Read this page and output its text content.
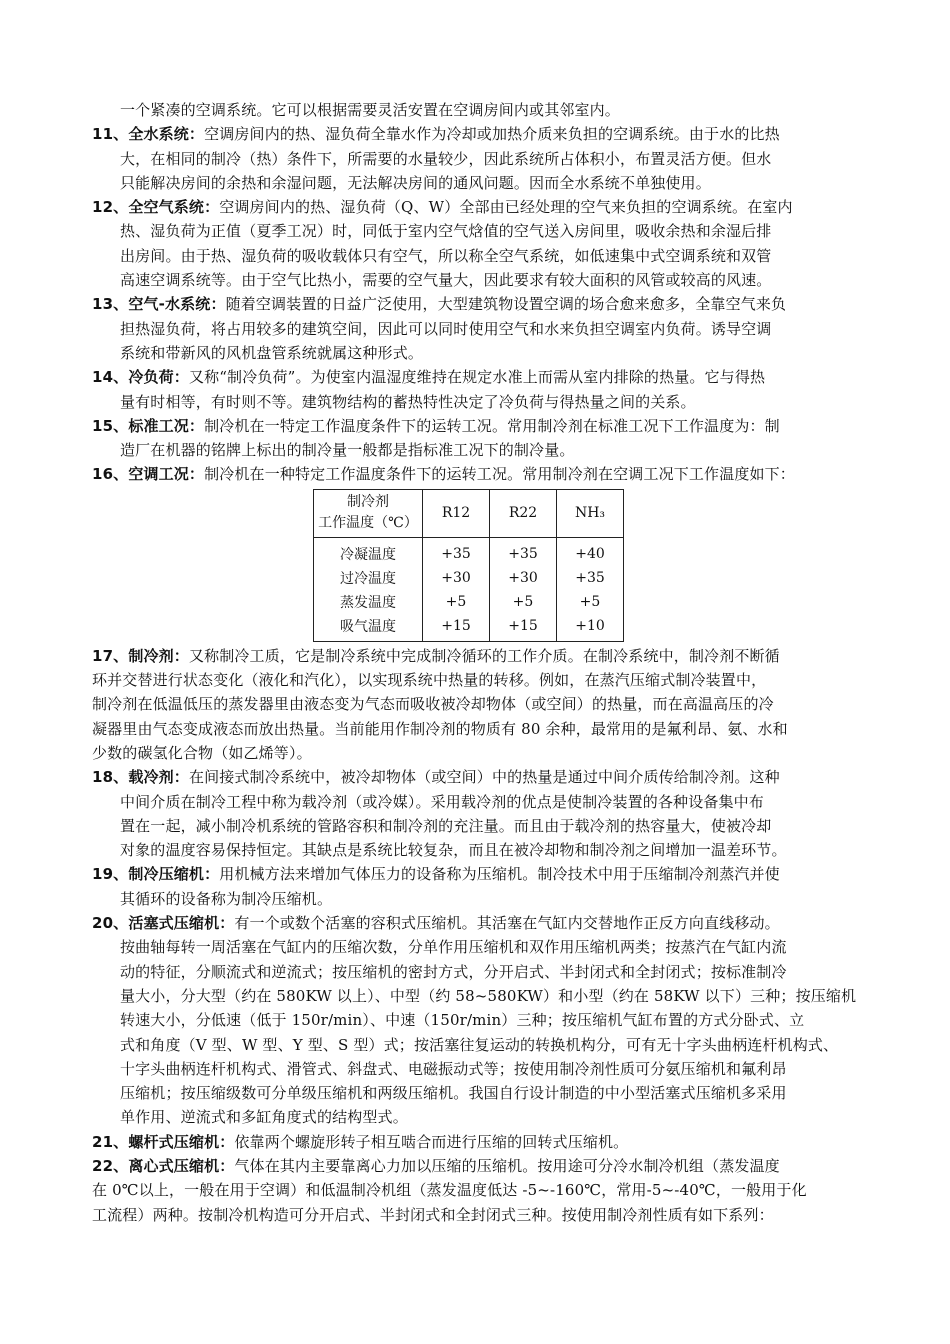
一个紧凑的空调系统。它可以根据需要灵活安置在空调房间内或其邻室内。
11、全水系统：空调房间内的热、湿负荷全靠水作为冷却或加热介质来负担的空调系统。由于水的比热
大，在相同的制冷（热）条件下，所需要的水量较少，因此系统所占体积小，布置灵活方便。但水
只能解决房间的余热和余湿问题，无法解决房间的通风问题。因而全水系统不单独使用。
12、全空气系统：空调房间内的热、湿负荷（Q、W）全部由已经处理的空气来负担的空调系统。在室内
热、湿负荷为正值（夏季工况）时，同低于室内空气焓值的空气送入房间里，吸收余热和余湿后排
出房间。由于热、湿负荷的吸收载体只有空气，所以称全空气系统，如低速集中式空调系统和双管
高速空调系统等。由于空气比热小，需要的空气量大，因此要求有较大面积的风管或较高的风速。
13、空气-水系统：随着空调装置的日益广泛使用，大型建筑物设置空调的场合愈来愈多，全靠空气来负
担热湿负荷，将占用较多的建筑空间，因此可以同时使用空气和水来负担空调室内负荷。诱导空调
系统和带新风的风机盘管系统就属这种形式。
14、冷负荷：又称“制冷负荷”。为使室内温湿度维持在规定水准上而需从室内排除的热量。它与得热
量有时相等，有时则不等。建筑物结构的蓄热特性决定了冷负荷与得热量之间的关系。
15、标准工况：制冷机在一特定工作温度条件下的运转工况。常用制冷剂在标准工况下工作温度为：制
造厂在机器的铭牌上标出的制冷量一般都是指标准工况下的制冷量。
16、空调工况：制冷机在一种特定工作温度条件下的运转工况。常用制冷剂在空调工况下工作温度如下：
制冷剂
工作温度（℃）	R12	R22	NH₃
冷凝温度	+35	+35	+40
过冷温度	+30	+30	+35
蒸发温度	+5	+5	+5
吸气温度	+15	+15	+10
17、制冷剂：又称制冷工质，它是制冷系统中完成制冷循环的工作介质。在制冷系统中，制冷剂不断循
环并交替进行状态变化（液化和汽化），以实现系统中热量的转移。例如，在蒸汽压缩式制冷装置中，
制冷剂在低温低压的蒸发器里由液态变为气态而吸收被冷却物体（或空间）的热量，而在高温高压的冷
凝器里由气态变成液态而放出热量。当前能用作制冷剂的物质有 80 余种，最常用的是氟利昂、氨、水和
少数的碳氢化合物（如乙烯等）。
18、载冷剂：在间接式制冷系统中，被冷却物体（或空间）中的热量是通过中间介质传给制冷剂。这种
中间介质在制冷工程中称为载冷剂（或冷媒）。采用载冷剂的优点是使制冷装置的各种设备集中布
置在一起，减小制冷机系统的管路容积和制冷剂的充注量。而且由于载冷剂的热容量大，使被冷却
对象的温度容易保持恒定。其缺点是系统比较复杂，而且在被冷却物和制冷剂之间增加一温差环节。
19、制冷压缩机：用机械方法来增加气体压力的设备称为压缩机。制冷技术中用于压缩制冷剂蒸汽并使
其循环的设备称为制冷压缩机。
20、活塞式压缩机：有一个或数个活塞的容积式压缩机。其活塞在气缸内交替地作正反方向直线移动。
按曲轴每转一周活塞在气缸内的压缩次数，分单作用压缩机和双作用压缩机两类；按蒸汽在气缸内流
动的特征，分顺流式和逆流式；按压缩机的密封方式，分开启式、半封闭式和全封闭式；按标准制冷
量大小，分大型（约在 580KW 以上）、中型（约 58~580KW）和小型（约在 58KW 以下）三种；按压缩机
转速大小，分低速（低于 150r/min）、中速（150r/min）三种；按压缩机气缸布置的方式分卧式、立
式和角度（V 型、W 型、Y 型、S 型）式；按活塞往复运动的转换机构分，可有无十字头曲柄连杆机构式、
十字头曲柄连杆机构式、滑管式、斜盘式、电磁振动式等；按使用制冷剂性质可分氨压缩机和氟利昂
压缩机；按压缩级数可分单级压缩机和两级压缩机。我国自行设计制造的中小型活塞式压缩机多采用
单作用、逆流式和多缸角度式的结构型式。
21、螺杆式压缩机：依靠两个螺旋形转子相互啮合而进行压缩的回转式压缩机。
22、离心式压缩机：气体在其内主要靠离心力加以压缩的压缩机。按用途可分冷水制冷机组（蒸发温度
在 0℃以上，一般在用于空调）和低温制冷机组（蒸发温度低达 -5~-160℃，常用-5~-40℃，一般用于化
工流程）两种。按制冷机构造可分开启式、半封闭式和全封闭式三种。按使用制冷剂性质有如下系列：
